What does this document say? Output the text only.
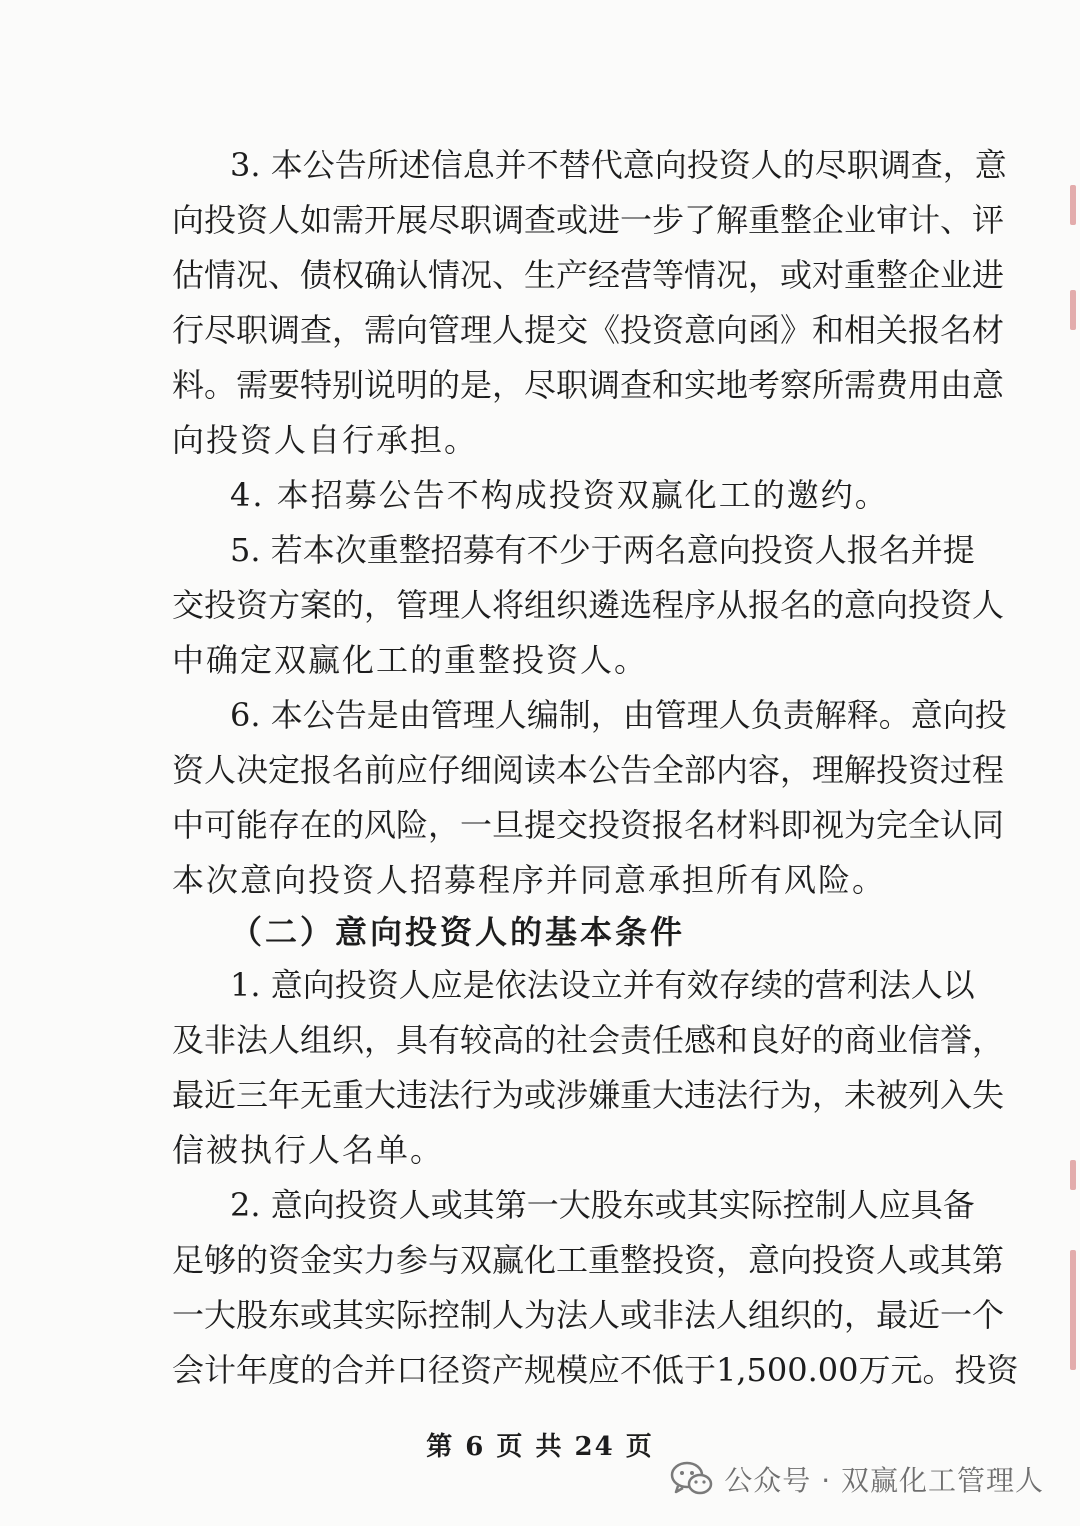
3. 本公告所述信息并不替代意向投资人的尽职调查，意
向投资人如需开展尽职调查或进一步了解重整企业审计、评
估情况、债权确认情况、生产经营等情况，或对重整企业进
行尽职调查，需向管理人提交《投资意向函》和相关报名材
料。需要特别说明的是，尽职调查和实地考察所需费用由意
向投资人自行承担。
4. 本招募公告不构成投资双赢化工的邀约。
5. 若本次重整招募有不少于两名意向投资人报名并提
交投资方案的，管理人将组织遴选程序从报名的意向投资人
中确定双赢化工的重整投资人。
6. 本公告是由管理人编制，由管理人负责解释。意向投
资人决定报名前应仔细阅读本公告全部内容，理解投资过程
中可能存在的风险，一旦提交投资报名材料即视为完全认同
本次意向投资人招募程序并同意承担所有风险。
（二）意向投资人的基本条件
1. 意向投资人应是依法设立并有效存续的营利法人以
及非法人组织，具有较高的社会责任感和良好的商业信誉，
最近三年无重大违法行为或涉嫌重大违法行为，未被列入失
信被执行人名单。
2. 意向投资人或其第一大股东或其实际控制人应具备
足够的资金实力参与双赢化工重整投资，意向投资人或其第
一大股东或其实际控制人为法人或非法人组织的，最近一个
会计年度的合并口径资产规模应不低于1,500.00万元。投资
第 6 页 共 24 页
公众号 · 双赢化工管理人
